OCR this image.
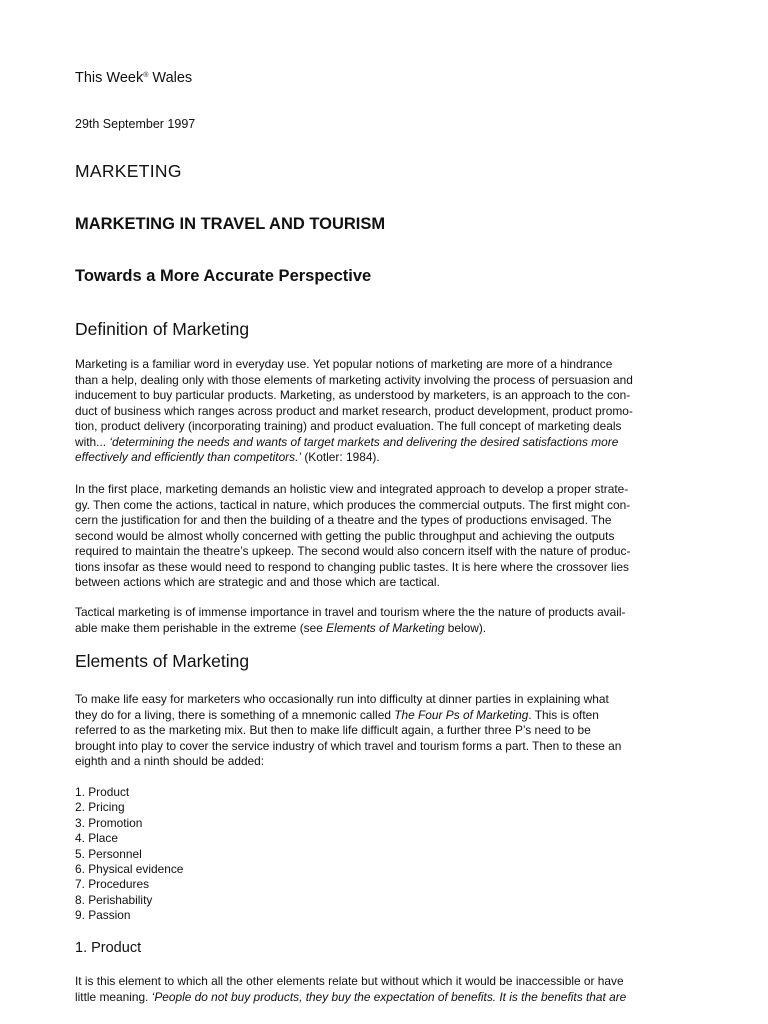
This Week® Wales
29th September 1997
MARKETING
MARKETING IN TRAVEL AND TOURISM
Towards a More Accurate Perspective
Definition of Marketing
Marketing is a familiar word in everyday use. Yet popular notions of marketing are more of a hindrance
than a help, dealing only with those elements of marketing activity involving the process of persuasion and
inducement to buy particular products. Marketing, as understood by marketers, is an approach to the con-
duct of business which ranges across product and market research, product development, product promo-
tion, product delivery (incorporating training) and product evaluation. The full concept of marketing deals
with... ‘determining the needs and wants of target markets and delivering the desired satisfactions more
effectively and efficiently than competitors.’ (Kotler: 1984).
In the first place, marketing demands an holistic view and integrated approach to develop a proper strate-
gy. Then come the actions, tactical in nature, which produces the commercial outputs. The first might con-
cern the justification for and then the building of a theatre and the types of productions envisaged. The
second would be almost wholly concerned with getting the public throughput and achieving the outputs
required to maintain the theatre’s upkeep. The second would also concern itself with the nature of produc-
tions insofar as these would need to respond to changing public tastes. It is here where the crossover lies
between actions which are strategic and and those which are tactical.
Tactical marketing is of immense importance in travel and tourism where the the nature of products avail-
able make them perishable in the extreme (see Elements of Marketing below).
Elements of Marketing
To make life easy for marketers who occasionally run into difficulty at dinner parties in explaining what
they do for a living, there is something of a mnemonic called The Four Ps of Marketing. This is often
referred to as the marketing mix. But then to make life difficult again, a further three P’s need to be
brought into play to cover the service industry of which travel and tourism forms a part. Then to these an
eighth and a ninth should be added:
1. Product
2. Pricing
3. Promotion
4. Place
5. Personnel
6. Physical evidence
7. Procedures
8. Perishability
9. Passion
1. Product
It is this element to which all the other elements relate but without which it would be inaccessible or have
little meaning. ‘People do not buy products, they buy the expectation of benefits. It is the benefits that are
